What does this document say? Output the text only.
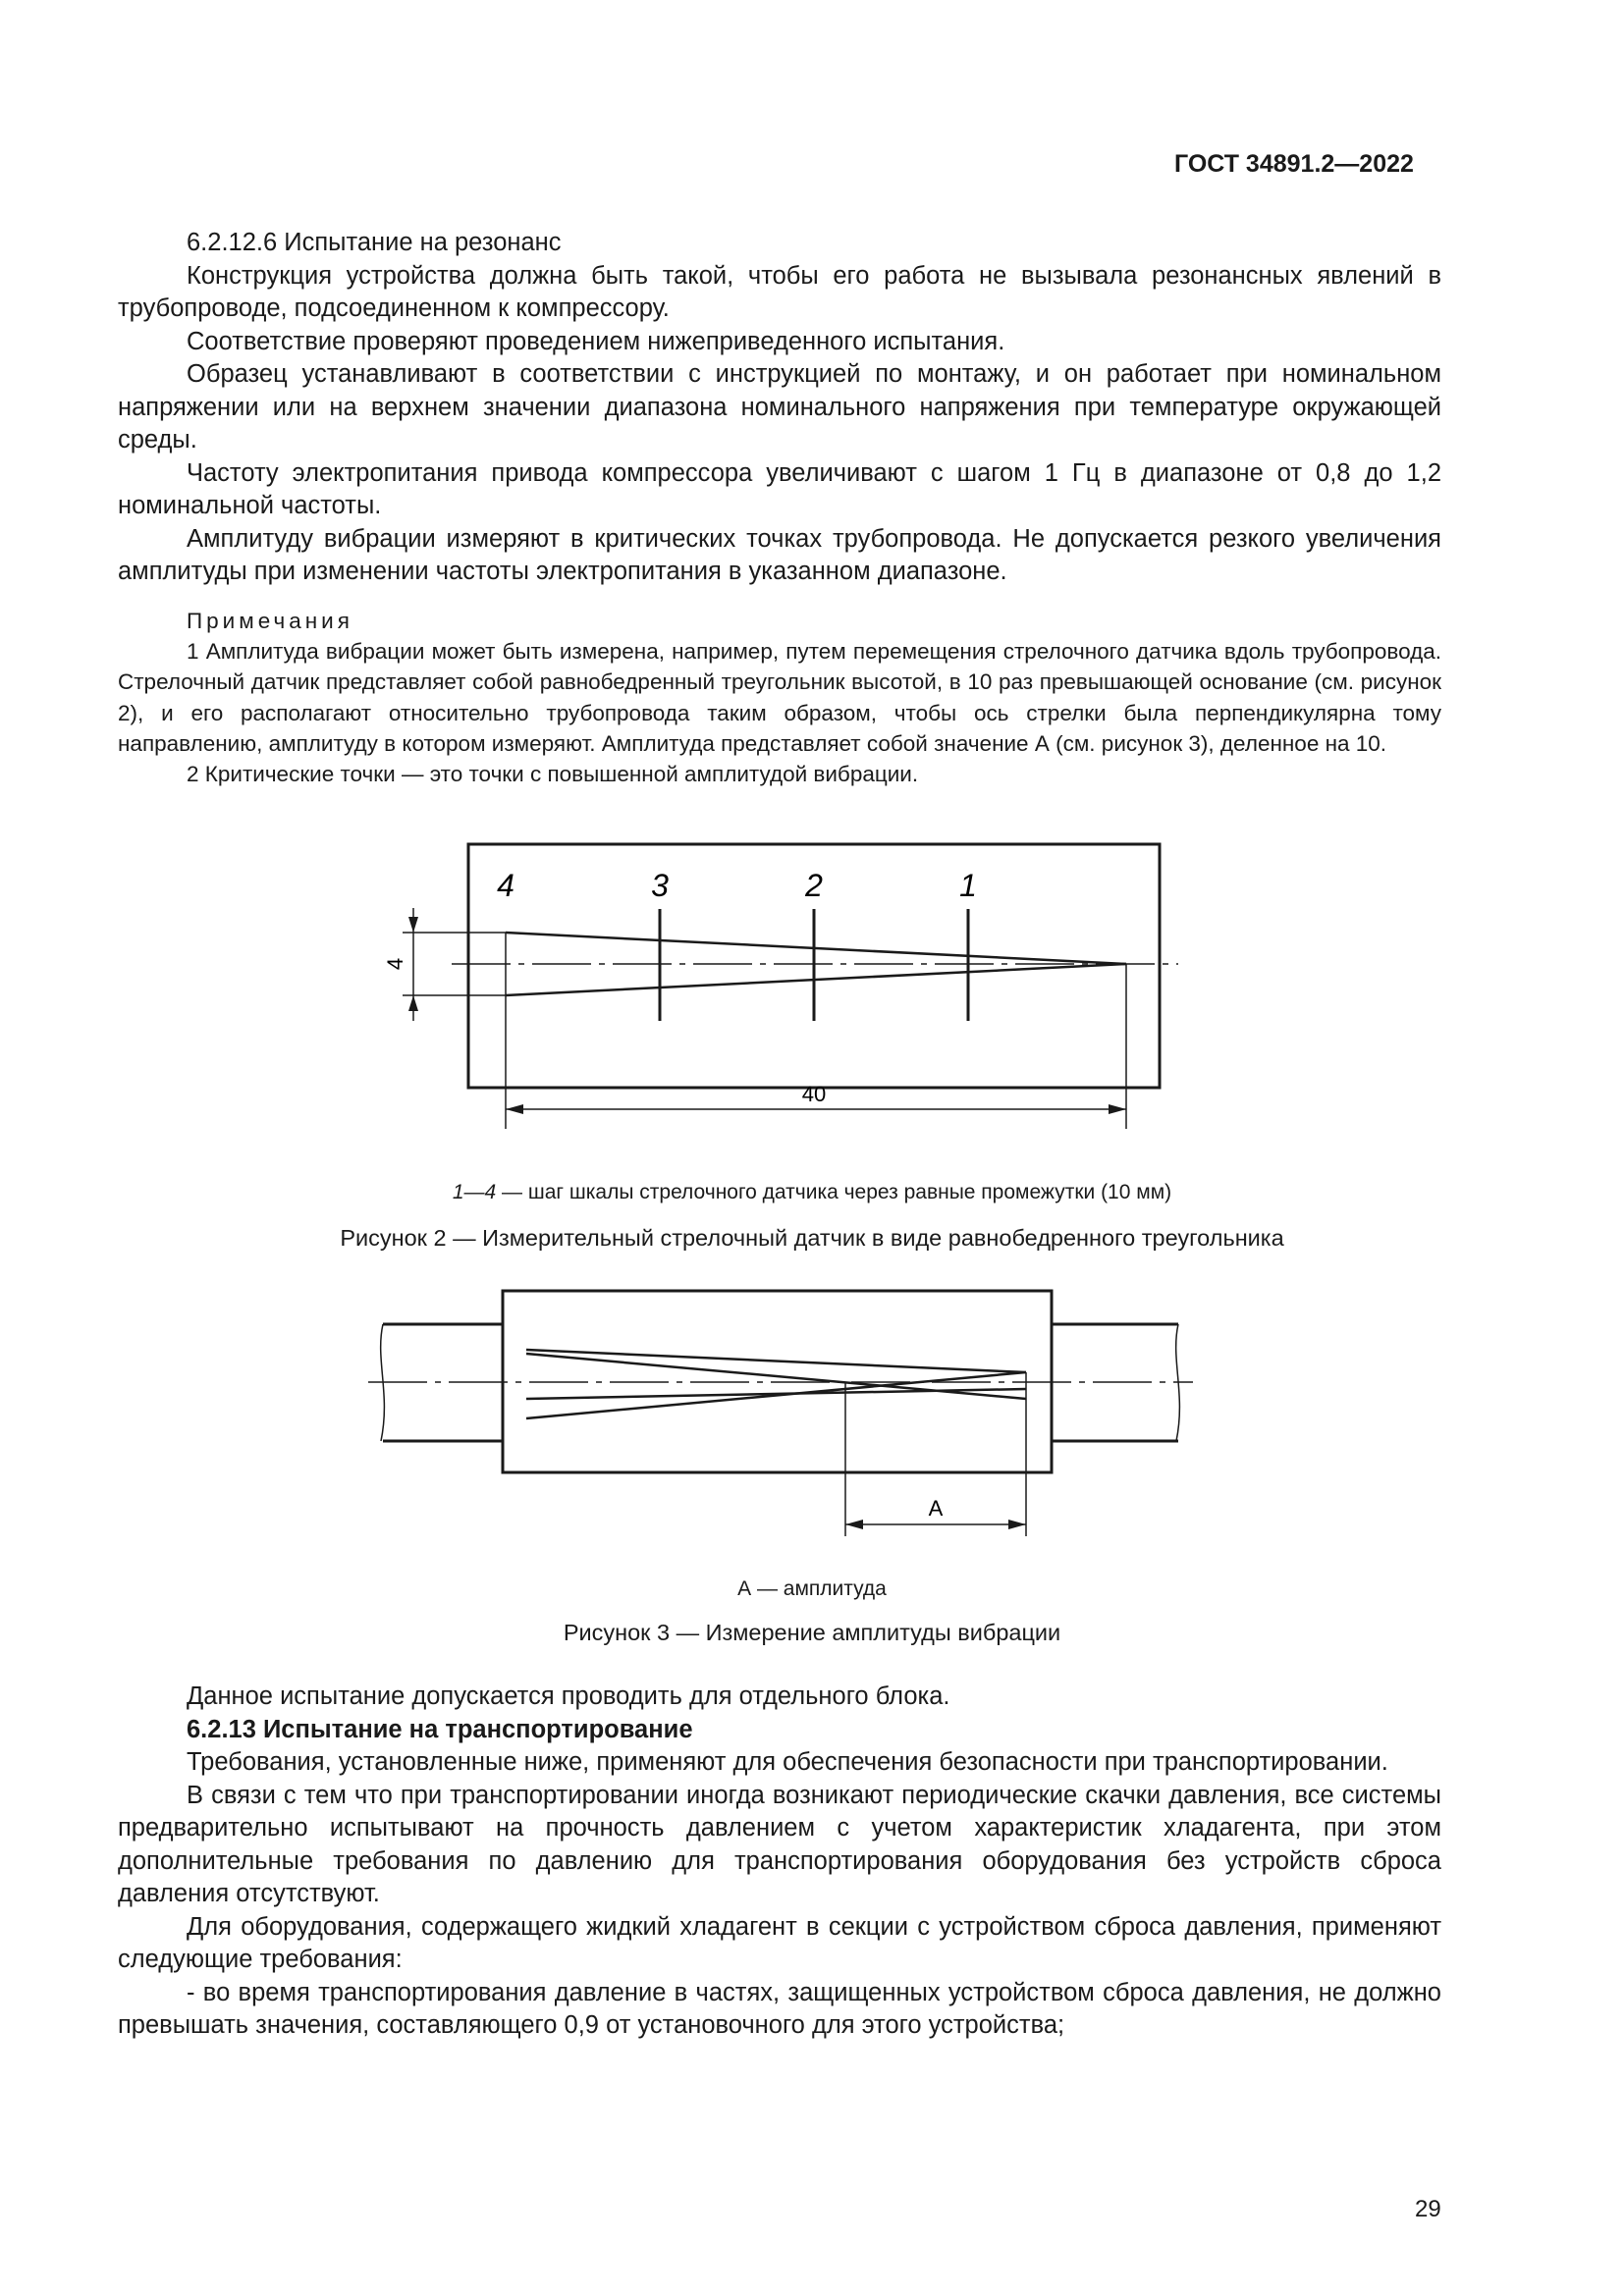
ГОСТ 34891.2—2022

6.2.12.6 Испытание на резонанс

Конструкция устройства должна быть такой, чтобы его работа не вызывала резонансных явлений в трубопроводе, подсоединенном к компрессору.

Соответствие проверяют проведением нижеприведенного испытания.

Образец устанавливают в соответствии с инструкцией по монтажу, и он работает при номинальном напряжении или на верхнем значении диапазона номинального напряжения при температуре окружающей среды.

Частоту электропитания привода компрессора увеличивают с шагом 1 Гц в диапазоне от 0,8 до 1,2 номинальной частоты.

Амплитуду вибрации измеряют в критических точках трубопровода. Не допускается резкого увеличения амплитуды при изменении частоты электропитания в указанном диапазоне.

Примечания

1 Амплитуда вибрации может быть измерена, например, путем перемещения стрелочного датчика вдоль трубопровода. Стрелочный датчик представляет собой равнобедренный треугольник высотой, в 10 раз превышающей основание (см. рисунок 2), и его располагают относительно трубопровода таким образом, чтобы ось стрелки была перпендикулярна тому направлению, амплитуду в котором измеряют. Амплитуда представляет собой значение А (см. рисунок 3), деленное на 10.

2 Критические точки — это точки с повышенной амплитудой вибрации.

4	3	2	1
4
40
1—4 — шаг шкалы стрелочного датчика через равные промежутки (10 мм)
Рисунок 2 — Измерительный стрелочный датчик в виде равнобедренного треугольника
А
А — амплитуда
Рисунок 3 — Измерение амплитуды вибрации

Данное испытание допускается проводить для отдельного блока.

6.2.13 Испытание на транспортирование

Требования, установленные ниже, применяют для обеспечения безопасности при транспортировании.

В связи с тем что при транспортировании иногда возникают периодические скачки давления, все системы предварительно испытывают на прочность давлением с учетом характеристик хладагента, при этом дополнительные требования по давлению для транспортирования оборудования без устройств сброса давления отсутствуют.

Для оборудования, содержащего жидкий хладагент в секции с устройством сброса давления, применяют следующие требования:

- во время транспортирования давление в частях, защищенных устройством сброса давления, не должно превышать значения, составляющего 0,9 от установочного для этого устройства;

29
